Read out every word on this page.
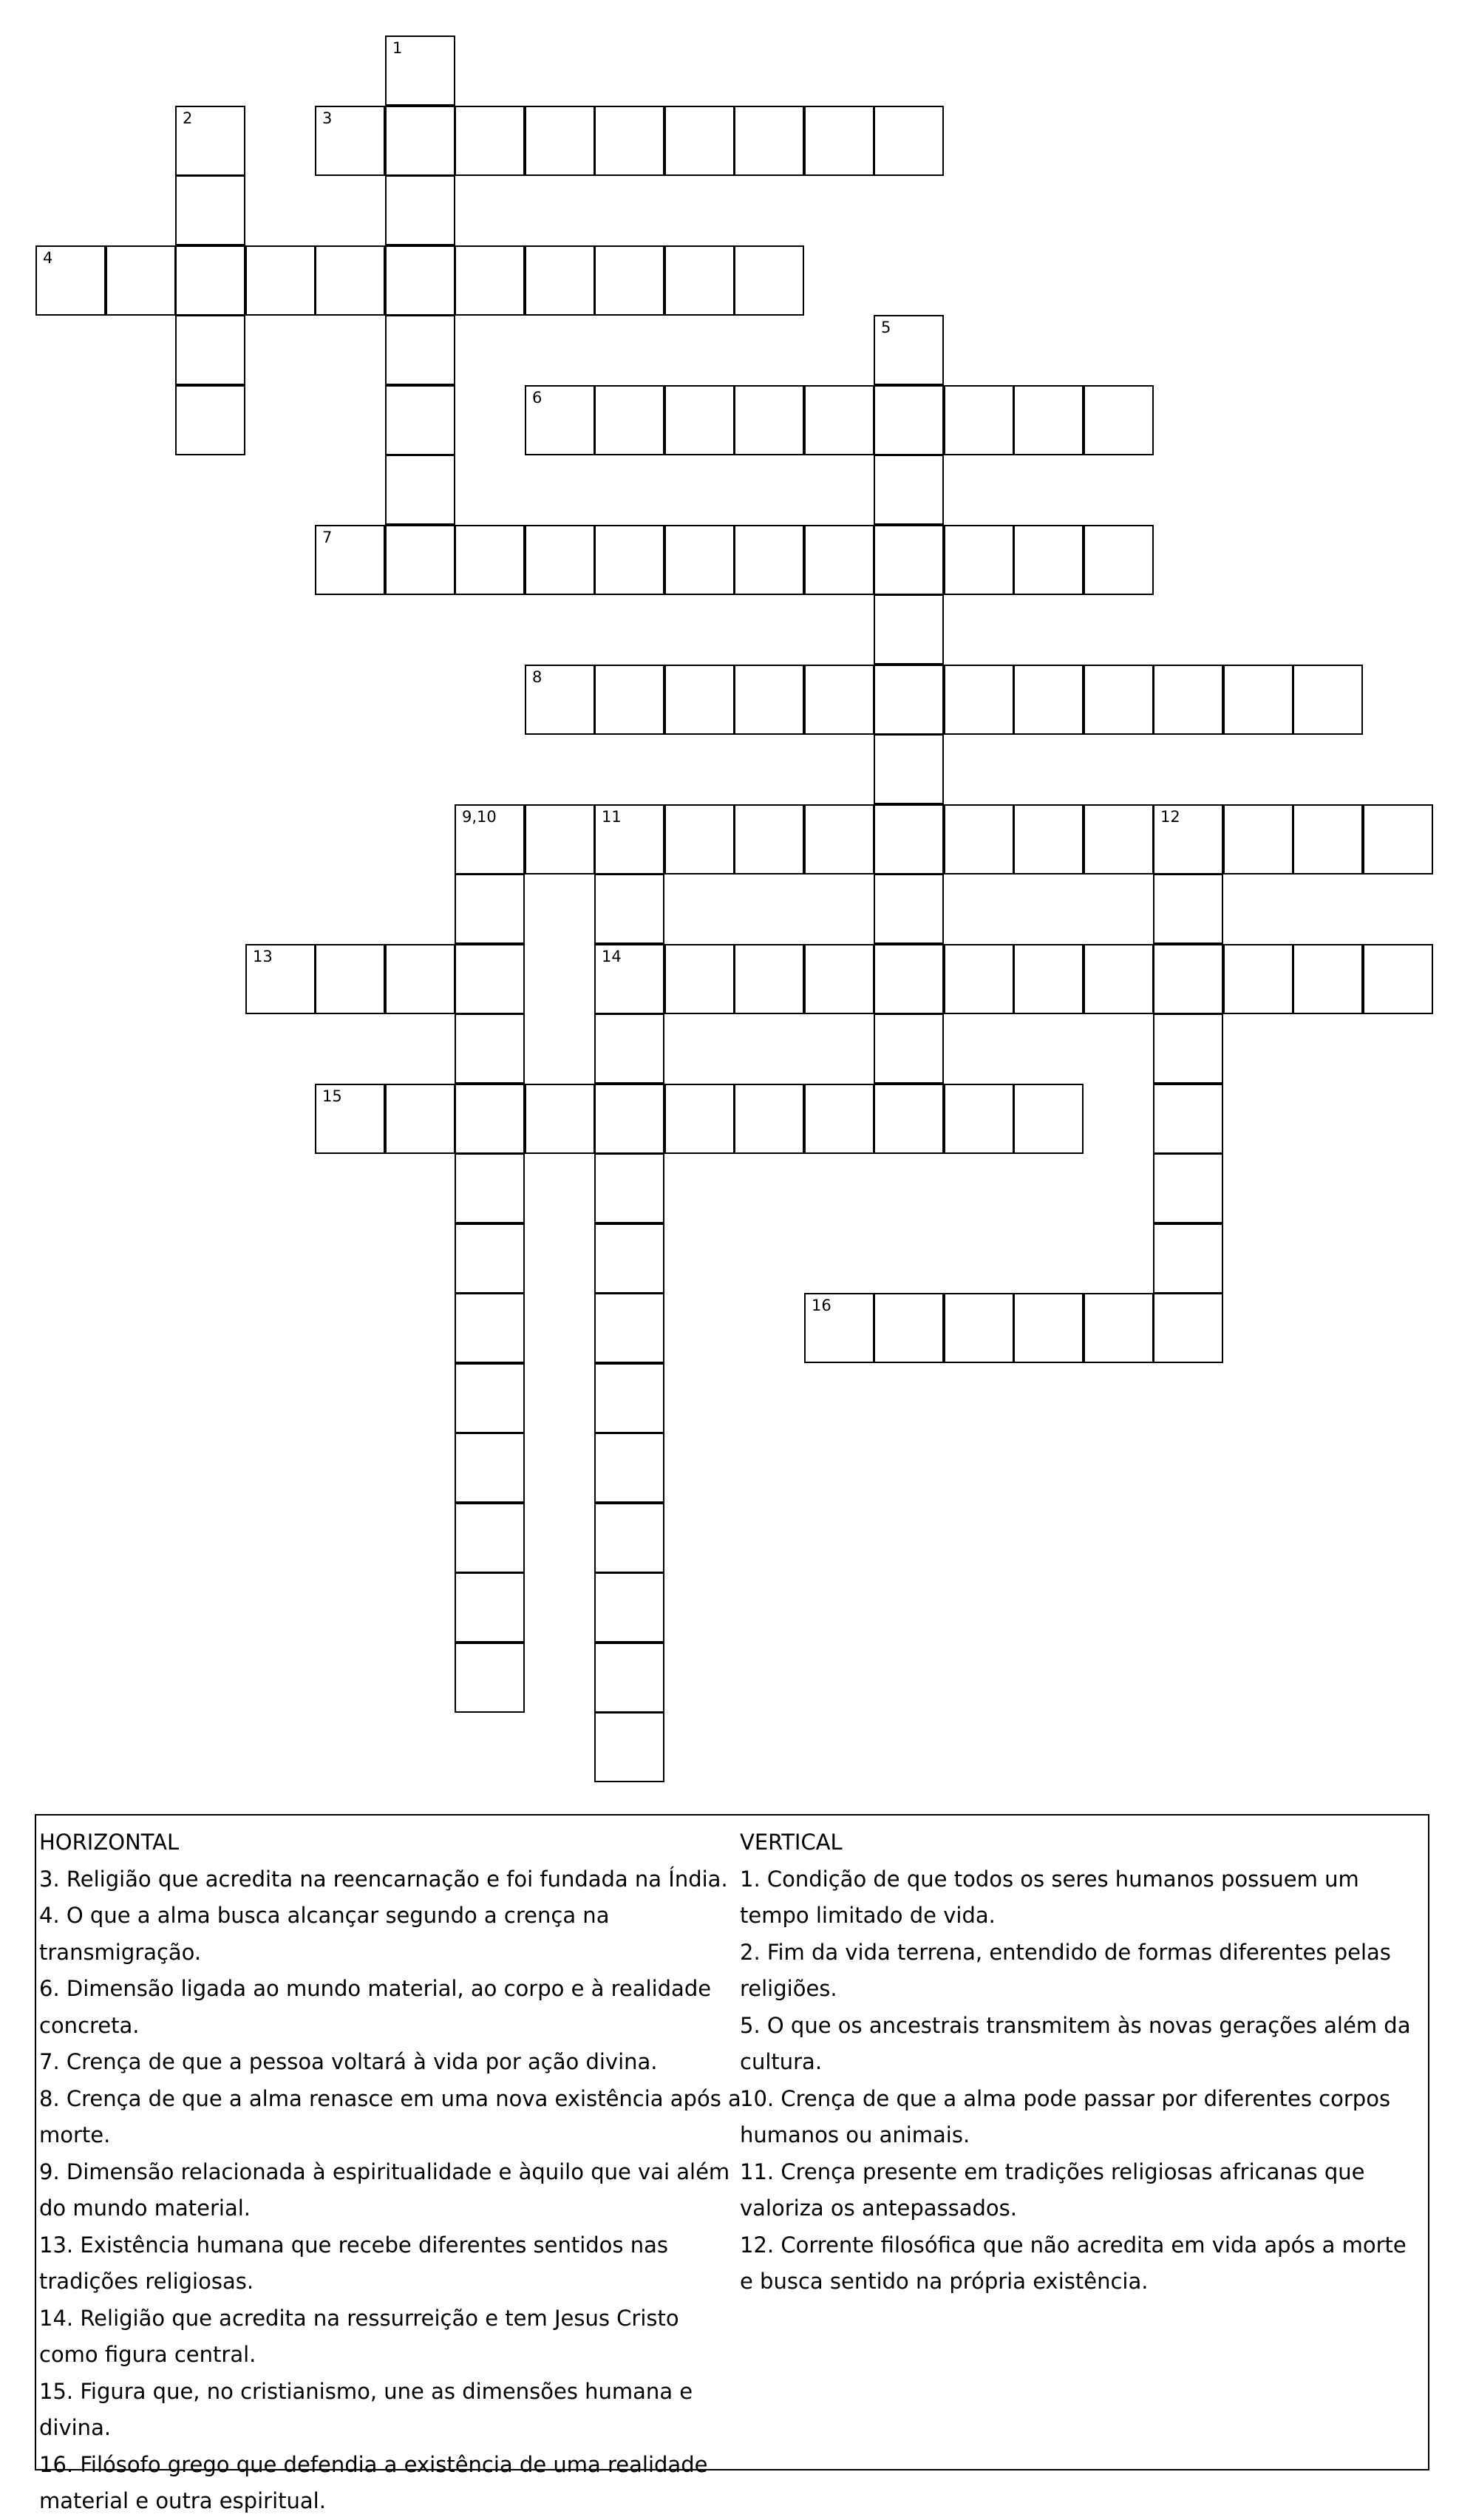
1
2	3
4
5
6
7
8
9,10	11	12
14
13
15
16
HORIZONTAL
3. Religião que acredita na reencarnação e foi fundada na Índia.
4. O que a alma busca alcançar segundo a crença na transmigração.
6. Dimensão ligada ao mundo material, ao corpo e à realidade concreta.
7. Crença de que a pessoa voltará à vida por ação divina.
8. Crença de que a alma renasce em uma nova existência após a morte.
9. Dimensão relacionada à espiritualidade e àquilo que vai além do mundo material.
13. Existência humana que recebe diferentes sentidos nas tradições religiosas.
14. Religião que acredita na ressurreição e tem Jesus Cristo como figura central.
15. Figura que, no cristianismo, une as dimensões humana e divina.
16. Filósofo grego que defendia a existência de uma realidade material e outra espiritual.
VERTICAL
1. Condição de que todos os seres humanos possuem um tempo limitado de vida.
2. Fim da vida terrena, entendido de formas diferentes pelas religiões.
5. O que os ancestrais transmitem às novas gerações além da cultura.
10. Crença de que a alma pode passar por diferentes corpos humanos ou animais.
11. Crença presente em tradições religiosas africanas que valoriza os antepassados.
12. Corrente filosófica que não acredita em vida após a morte e busca sentido na própria existência.
